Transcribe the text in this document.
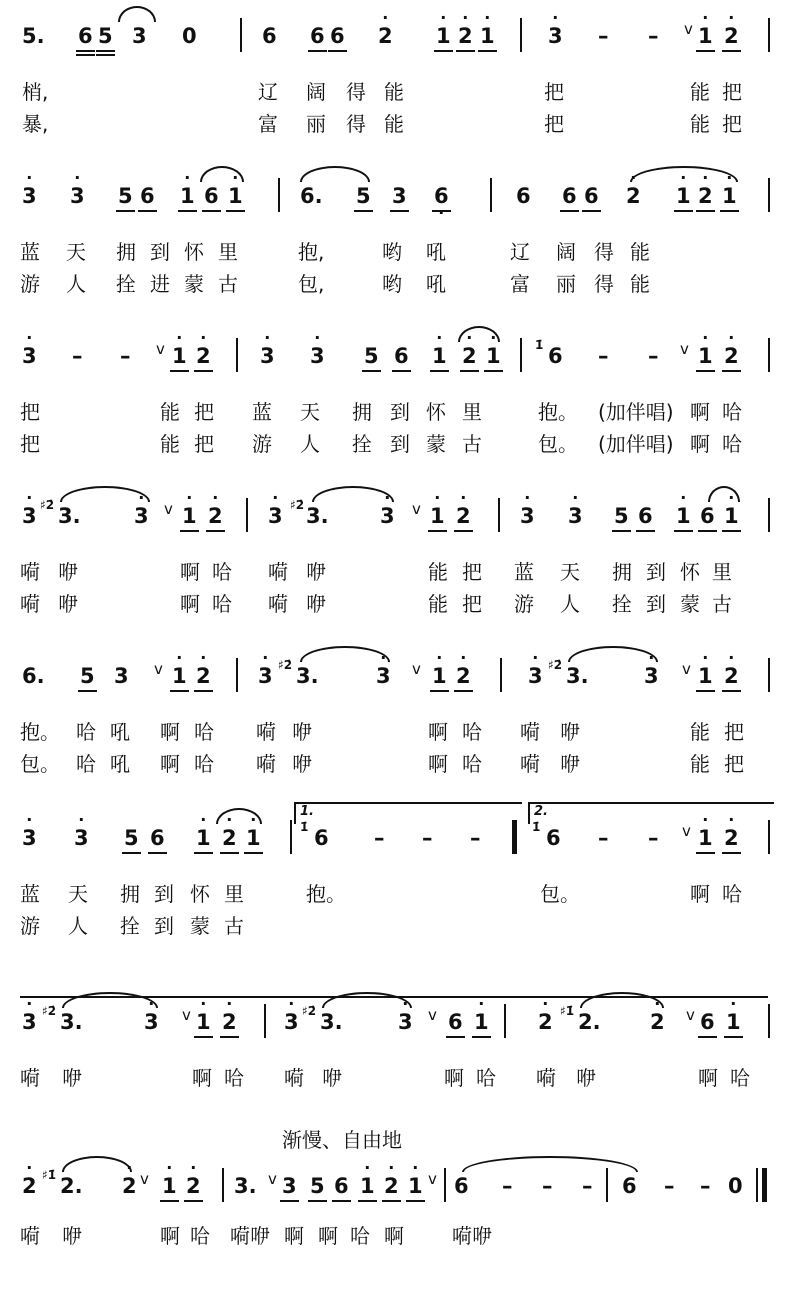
5. 6 5 3 0	6 6 6 2
·
1
·
2
·
1
·
3
·
– – 1
·
2
·
v
梢,	辽 阔 得 能	把	能 把
暴,	富 丽 得 能	把	能 把
3
·
3
·
5 6 1
·
6 1
·
6. 5 3 6
·
6 6 6 2
·
1
·
2
·
1
·
蓝 天 拥 到 怀 里	抱,	哟 吼	辽 阔 得 能
游 人 拴 进 蒙 古	包,	哟 吼	富 丽 得 能
3
·
– – 1
·
2
·
3
·
3
·
5 6 1
·
2
·
1
·
6 – – 1
·
2
·
v	v
1̇
把	能 把 蓝 天 拥 到 怀 里	抱。 (加伴唱) 啊 哈
把	能 把 游 人 拴 到 蒙 古	包。 (加伴唱) 啊 哈
3
·
3.	3
·
1
·
2
·
3
·
3. 3
·
1
·
2
·
3
·
3
·
5 6 1
·
6 1
·
v	v
♯2̇	♯2̇
嗬 咿	啊 哈 嗬 咿	能 把 蓝 天 拥 到 怀 里
嗬 咿	啊 哈 嗬 咿	能 把 游 人 拴 到 蒙 古
6. 5 3 1
·
2
·
3
·
3.	3
·
1
·
2
·
3
·
3.	3
·
1
·
2
·
v	v	v
♯2̇	♯2̇
抱。 哈 吼 啊 哈 嗬 咿	啊 哈 嗬 咿	能 把
包。 哈 吼 啊 哈 嗬 咿	啊 哈 嗬 咿	能 把
3
·
3
·
5 6 1
·
2
·
1
·
6 – – –	6 – – 1
·
2
·
v
1̇	1̇
1.	2.
蓝 天 拥 到 怀 里	抱。	包。	啊 哈
游 人 拴 到 蒙 古
3
·
3.	3
·
1
·
2
·
3
·
3.	3
·
6 1
·
2
·
2. 2
·
6 1
·
v	v	v
♯2̇	♯2̇	♯1̇
嗬 咿	啊 哈 嗬 咿	啊 哈 嗬 咿	啊 哈
2
·
2. 2
·
1
·
2
·
3. 3 5 6 1
·
2
·
1
·
6 – – – 6 – – 0
v	v	v
♯1̇
嗬 咿	啊 哈 嗬咿 啊 啊 哈 啊 嗬咿
渐慢、自由地
